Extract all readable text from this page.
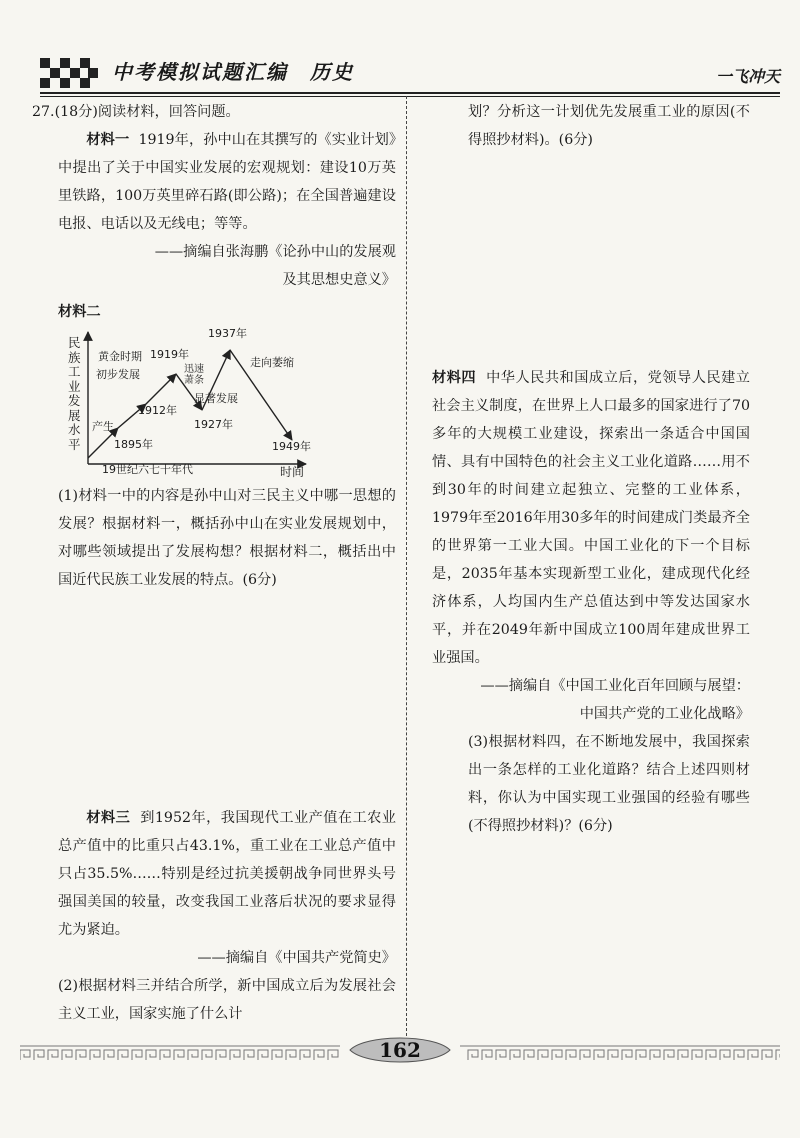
中考模拟试题汇编　历史	一飞冲天

27.(18分)阅读材料，回答问题。

材料一 1919年，孙中山在其撰写的《实业计划》中提出了关于中国实业发展的宏观规划：建设10万英里铁路，100万英里碎石路(即公路)；在全国普遍建设电报、电话以及无线电；等等。

——摘编自张海鹏《论孙中山的发展观

及其思想史意义》

材料二

民族工业发展水平
19世纪六七十年代	时间
1895年
1912年
1919年
1927年
1937年
1949年
产生
初步发展
黄金时期
迅速萧条
显著发展
走向萎缩

(1)材料一中的内容是孙中山对三民主义中哪一思想的发展？根据材料一，概括孙中山在实业发展规划中，对哪些领域提出了发展构想？根据材料二，概括出中国近代民族工业发展的特点。(6分)

材料三 到1952年，我国现代工业产值在工农业总产值中的比重只占43.1%，重工业在工业总产值中只占35.5%……特别是经过抗美援朝战争同世界头号强国美国的较量，改变我国工业落后状况的要求显得尤为紧迫。

——摘编自《中国共产党简史》

(2)根据材料三并结合所学，新中国成立后为发展社会主义工业，国家实施了什么计

划？分析这一计划优先发展重工业的原因(不得照抄材料)。(6分)

材料四 中华人民共和国成立后，党领导人民建立社会主义制度，在世界上人口最多的国家进行了70多年的大规模工业建设，探索出一条适合中国国情、具有中国特色的社会主义工业化道路……用不到30年的时间建立起独立、完整的工业体系，1979年至2016年用30多年的时间建成门类最齐全的世界第一工业大国。中国工业化的下一个目标是，2035年基本实现新型工业化，建成现代化经济体系，人均国内生产总值达到中等发达国家水平，并在2049年新中国成立100周年建成世界工业强国。

——摘编自《中国工业化百年回顾与展望：

中国共产党的工业化战略》

(3)根据材料四，在不断地发展中，我国探索出一条怎样的工业化道路？结合上述四则材料，你认为中国实现工业强国的经验有哪些(不得照抄材料)？(6分)

162
